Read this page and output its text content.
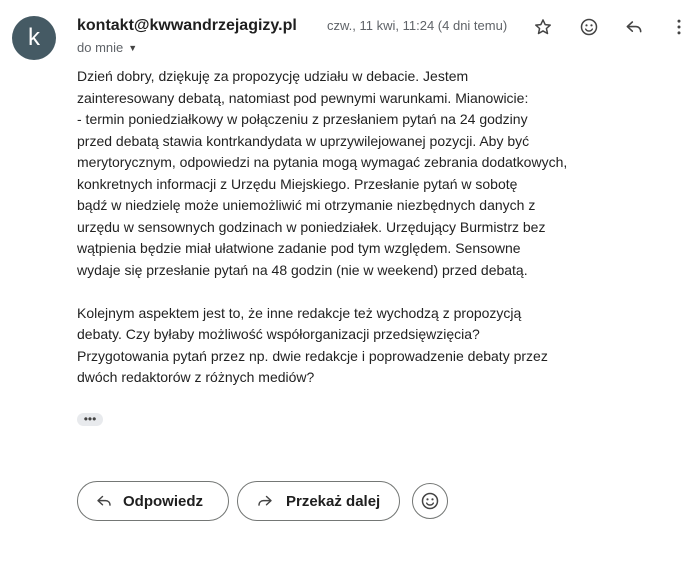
k kontakt@kwwandrzejagizy.pl
do mnie ▼
czw., 11 kwi, 11:24 (4 dni temu)
Dzień dobry, dziękuję za propozycję udziału w debacie. Jestem
zainteresowany debatą, natomiast pod pewnymi warunkami. Mianowicie:
- termin poniedziałkowy w połączeniu z przesłaniem pytań na 24 godziny
przed debatą stawia kontrkandydata w uprzywilejowanej pozycji. Aby być
merytorycznym, odpowiedzi na pytania mogą wymagać zebrania dodatkowych,
konkretnych informacji z Urzędu Miejskiego. Przesłanie pytań w sobotę
bądź w niedzielę może uniemożliwić mi otrzymanie niezbędnych danych z
urzędu w sensownych godzinach w poniedziałek. Urzędujący Burmistrz bez
wątpienia będzie miał ułatwione zadanie pod tym względem. Sensowne
wydaje się przesłanie pytań na 48 godzin (nie w weekend) przed debatą.
Kolejnym aspektem jest to, że inne redakcje też wychodzą z propozycją
debaty. Czy byłaby możliwość współorganizacji przedsięwzięcia?
Przygotowania pytań przez np. dwie redakcje i poprowadzenie debaty przez
dwóch redaktorów z różnych mediów?
•••
Odpowiedz	Przekaż dalej
